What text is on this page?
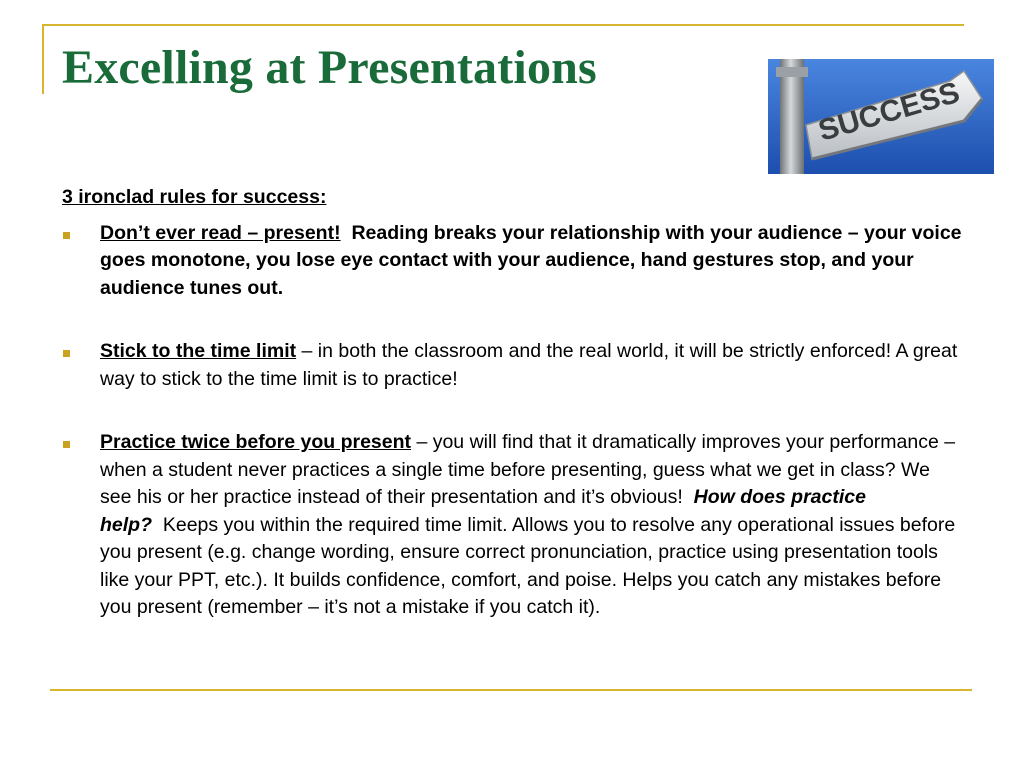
Excelling at Presentations
SUCCESS
3 ironclad rules for success:
Don’t ever read – present! Reading breaks your relationship with your audience – your voice goes monotone, you lose eye contact with your audience, hand gestures stop, and your audience tunes out.
Stick to the time limit – in both the classroom and the real world, it will be strictly enforced! A great way to stick to the time limit is to practice!
Practice twice before you present – you will find that it dramatically improves your performance – when a student never practices a single time before presenting, guess what we get in class? We see his or her practice instead of their presentation and it’s obvious! How does practice help? Keeps you within the required time limit. Allows you to resolve any operational issues before you present (e.g. change wording, ensure correct pronunciation, practice using presentation tools like your PPT, etc.). It builds confidence, comfort, and poise. Helps you catch any mistakes before you present (remember – it’s not a mistake if you catch it).
